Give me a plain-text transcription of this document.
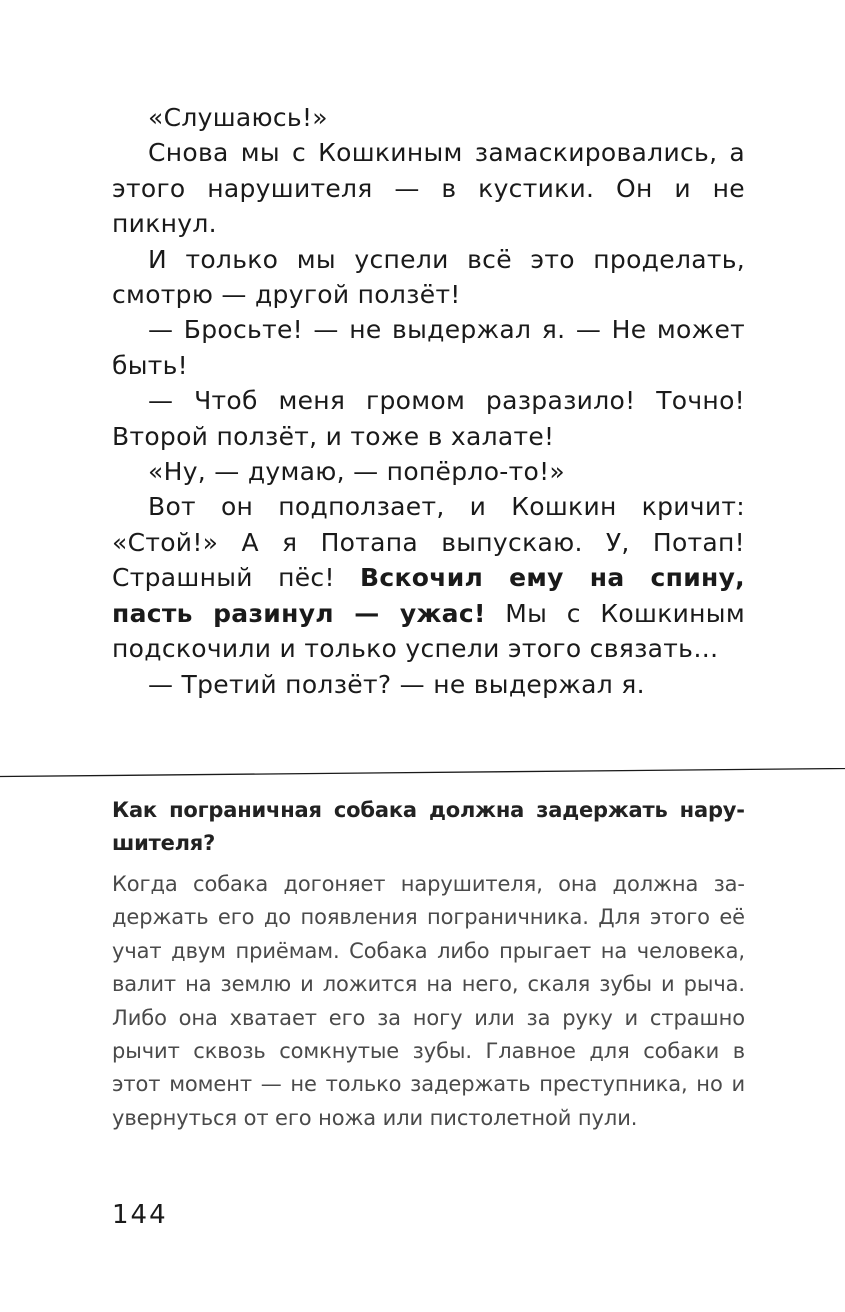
«Слушаюсь!»

Снова мы с Кошкиным замаскировались, а этого нарушителя — в кустики. Он и не пикнул.

И только мы успели всё это проделать, смотрю — другой ползёт!

— Бросьте! — не выдержал я. — Не может быть!

— Чтоб меня громом разразило! Точно! Второй ползёт, и тоже в халате!

«Ну, — думаю, — попёрло-то!»

Вот он подползает, и Кошкин кричит: «Стой!» А я Потапа выпускаю. У, Потап! Страшный пёс! Вскочил ему на спину, пасть разинул — ужас! Мы с Кошкиным подскочили и только успели этого связать…

— Третий ползёт? — не выдержал я.

Как пограничная собака должна задержать нарушителя?

Когда собака догоняет нарушителя, она должна задержать его до появления пограничника. Для этого её учат двум приёмам. Собака либо прыгает на человека, валит на землю и ложится на него, скаля зубы и рыча. Либо она хватает его за ногу или за руку и страшно рычит сквозь сомкнутые зубы. Главное для собаки в этот момент — не только задержать преступника, но и увернуться от его ножа или пистолетной пули.

144
